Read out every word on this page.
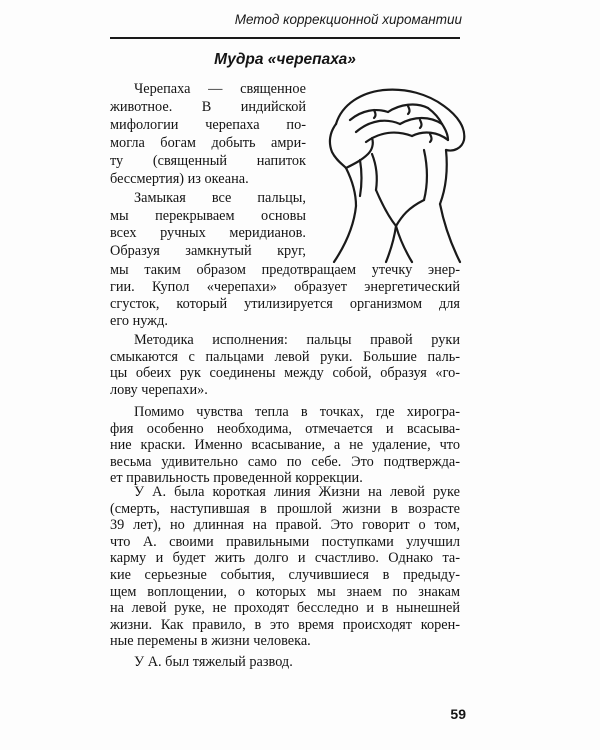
Метод коррекционной хиромантии
Мудра «черепаха»
Черепаха — священное
животное. В индийской
мифологии черепаха по-
могла богам добыть амри-
ту (священный напиток
бессмертия) из океана.
Замыкая все пальцы,
мы перекрываем основы
всех ручных меридианов.
Образуя замкнутый круг,
мы таким образом предотвращаем утечку энер-
гии. Купол «черепахи» образует энергетический
сгусток, который утилизируется организмом для
его нужд.
Методика исполнения: пальцы правой руки
смыкаются с пальцами левой руки. Большие паль-
цы обеих рук соединены между собой, образуя «го-
лову черепахи».
Помимо чувства тепла в точках, где хирогра-
фия особенно необходима, отмечается и всасыва-
ние краски. Именно всасывание, а не удаление, что
весьма удивительно само по себе. Это подтвержда-
ет правильность проведенной коррекции.
У А. была короткая линия Жизни на левой руке
(смерть, наступившая в прошлой жизни в возрасте
39 лет), но длинная на правой. Это говорит о том,
что А. своими правильными поступками улучшил
карму и будет жить долго и счастливо. Однако та-
кие серьезные события, случившиеся в предыду-
щем воплощении, о которых мы знаем по знакам
на левой руке, не проходят бесследно и в нынешней
жизни. Как правило, в это время происходят корен-
ные перемены в жизни человека.
У А. был тяжелый развод.
59
